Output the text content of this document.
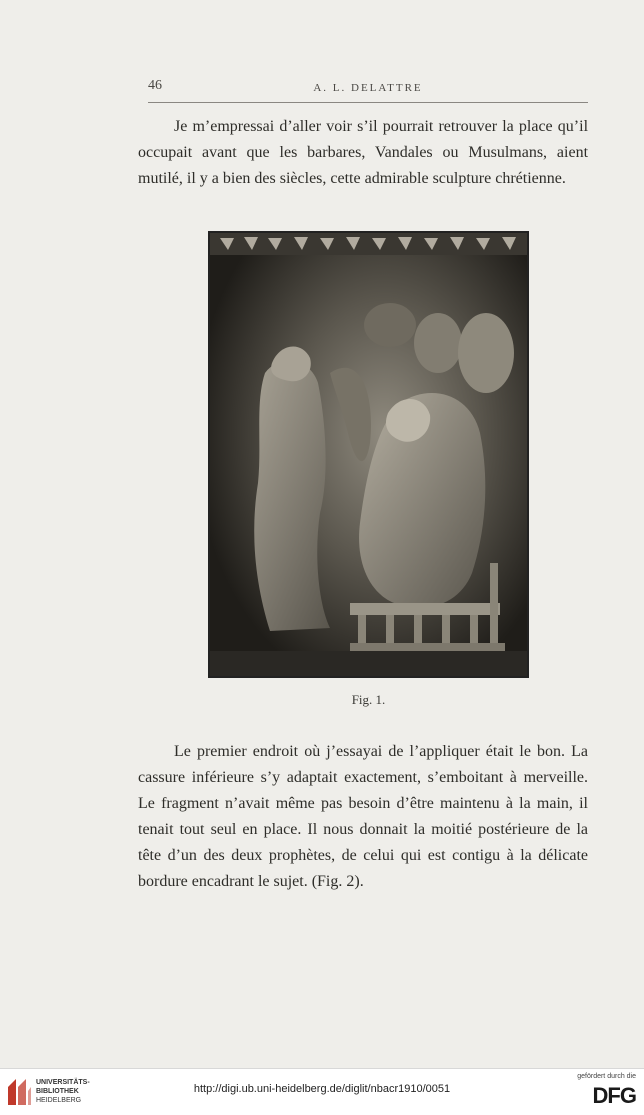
46	A. L. DELATTRE

Je m’empressai d’aller voir s’il pourrait retrouver la place qu’il occupait avant que les barbares, Vandales ou Musulmans, aient mutilé, il y a bien des siècles, cette admirable sculpture chrétienne.

Fig. 1.

Le premier endroit où j’essayai de l’appliquer était le bon. La cassure inférieure s’y adaptait exactement, s’emboitant à merveille. Le fragment n’avait même pas besoin d’être maintenu à la main, il tenait tout seul en place. Il nous donnait la moitié postérieure de la tête d’un des deux prophètes, de celui qui est contigu à la délicate bordure encadrant le sujet. (Fig. 2).

UNIVERSITÄTS-
BIBLIOTHEK
HEIDELBERG
http://digi.ub.uni-heidelberg.de/diglit/nbacr1910/0051
gefördert durch die
DFG
